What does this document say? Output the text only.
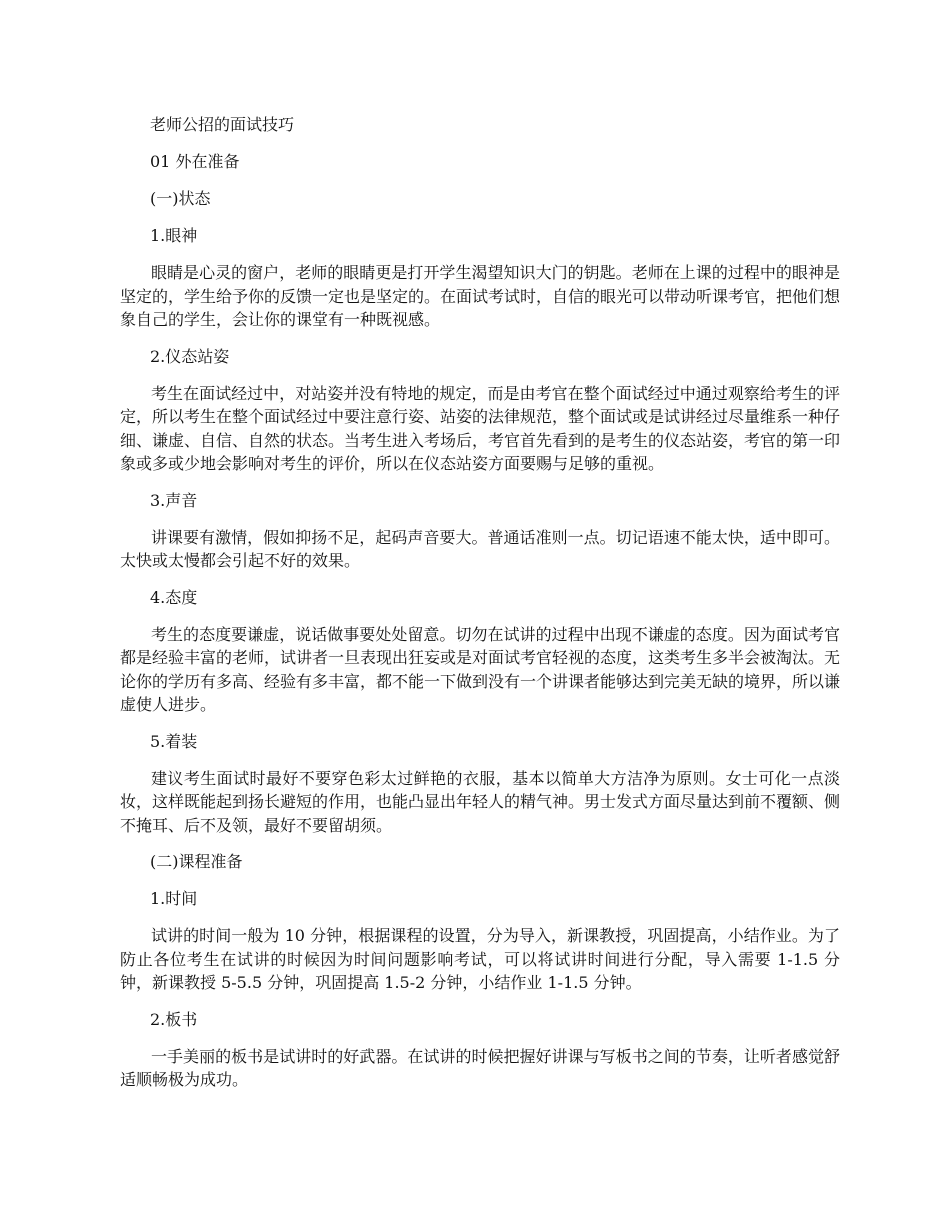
老师公招的面试技巧

01 外在准备

(一)状态

1.眼神

眼睛是心灵的窗户，老师的眼睛更是打开学生渴望知识大门的钥匙。老师在上课的过程中的眼神是坚定的，学生给予你的反馈一定也是坚定的。在面试考试时，自信的眼光可以带动听课考官，把他们想象自己的学生，会让你的课堂有一种既视感。

2.仪态站姿

考生在面试经过中，对站姿并没有特地的规定，而是由考官在整个面试经过中通过观察给考生的评定，所以考生在整个面试经过中要注意行姿、站姿的法律规范，整个面试或是试讲经过尽量维系一种仔细、谦虚、自信、自然的状态。当考生进入考场后，考官首先看到的是考生的仪态站姿，考官的第一印象或多或少地会影响对考生的评价，所以在仪态站姿方面要赐与足够的重视。

3.声音

讲课要有激情，假如抑扬不足，起码声音要大。普通话准则一点。切记语速不能太快，适中即可。太快或太慢都会引起不好的效果。

4.态度

考生的态度要谦虚，说话做事要处处留意。切勿在试讲的过程中出现不谦虚的态度。因为面试考官都是经验丰富的老师，试讲者一旦表现出狂妄或是对面试考官轻视的态度，这类考生多半会被淘汰。无论你的学历有多高、经验有多丰富，都不能一下做到没有一个讲课者能够达到完美无缺的境界，所以谦虚使人进步。

5.着装

建议考生面试时最好不要穿色彩太过鲜艳的衣服，基本以简单大方洁净为原则。女士可化一点淡妆，这样既能起到扬长避短的作用，也能凸显出年轻人的精气神。男士发式方面尽量达到前不覆额、侧不掩耳、后不及领，最好不要留胡须。

(二)课程准备

1.时间

试讲的时间一般为 10 分钟，根据课程的设置，分为导入，新课教授，巩固提高，小结作业。为了防止各位考生在试讲的时候因为时间问题影响考试，可以将试讲时间进行分配，导入需要 1-1.5 分钟，新课教授 5-5.5 分钟，巩固提高 1.5-2 分钟，小结作业 1-1.5 分钟。

2.板书

一手美丽的板书是试讲时的好武器。在试讲的时候把握好讲课与写板书之间的节奏，让听者感觉舒适顺畅极为成功。
